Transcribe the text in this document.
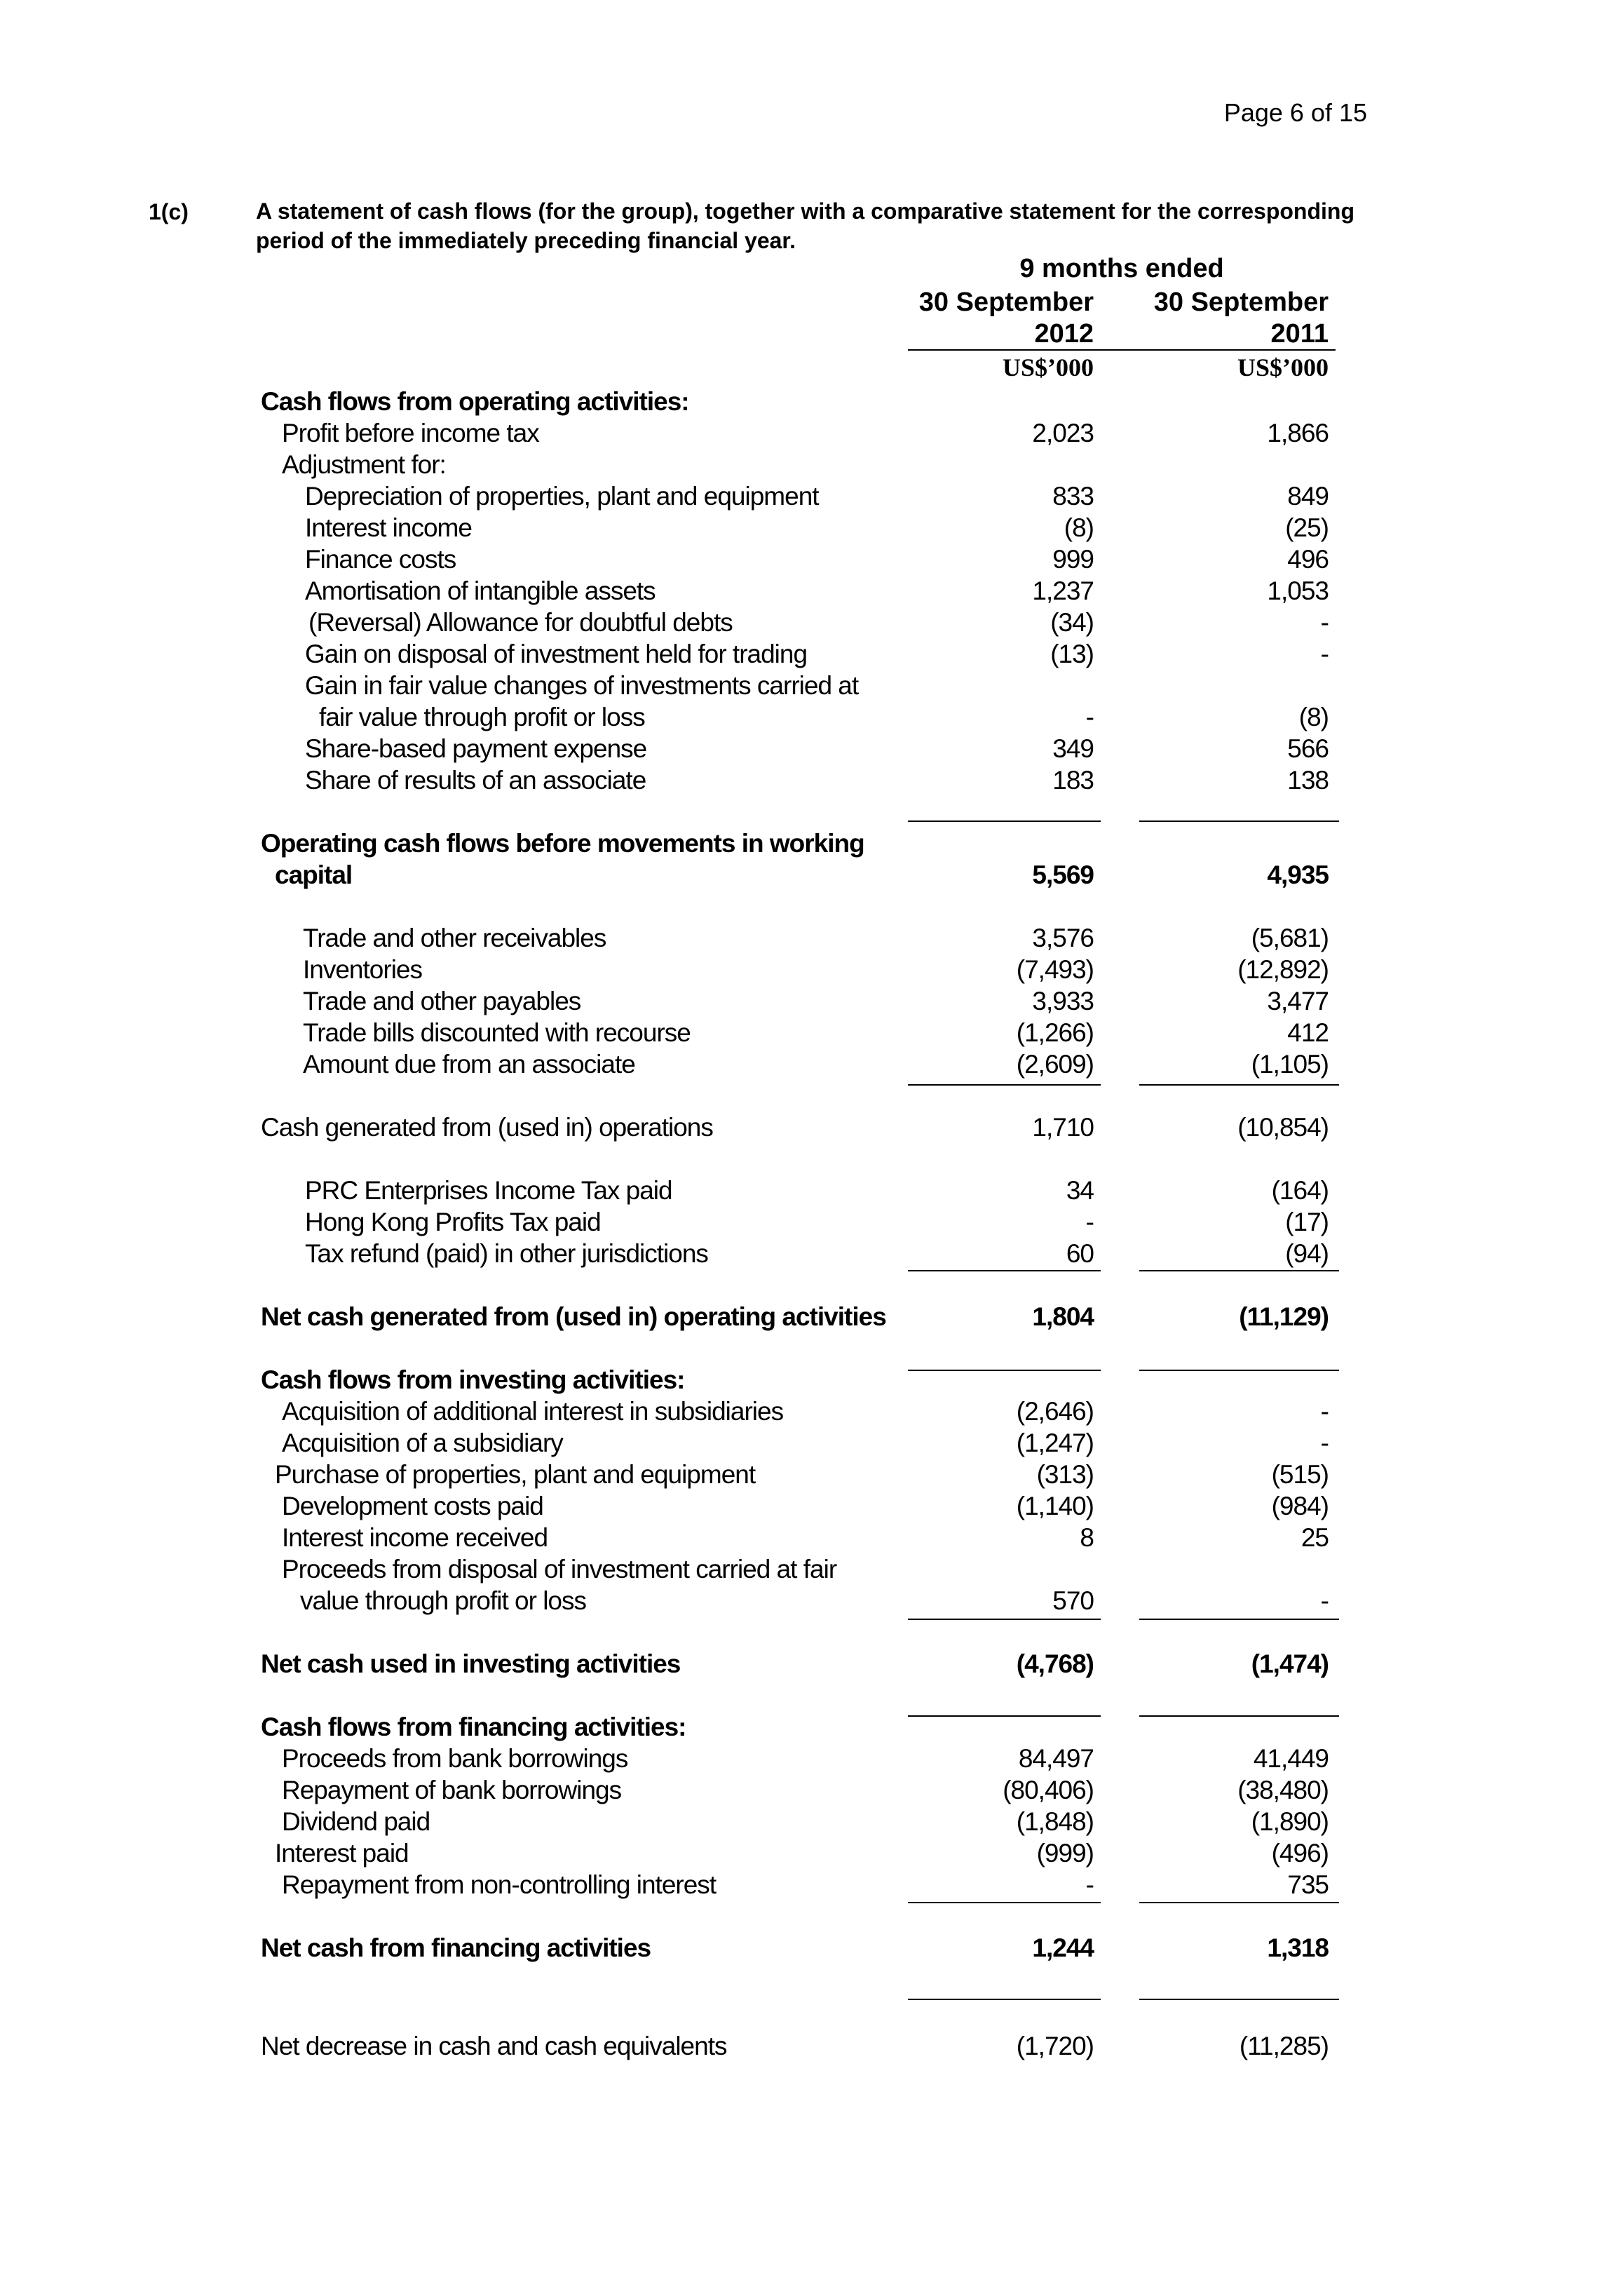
Page 6 of 15
1(c)	A statement of cash flows (for the group), together with a comparative statement for the corresponding period of the immediately preceding financial year.
9 months ended
30 September	30 September
2012	2011
US$’000	US$’000
Cash flows from operating activities:
Profit before income tax	2,023	1,866
Adjustment for:
Depreciation of properties, plant and equipment	833	849
Interest income	(8)	(25)
Finance costs	999	496
Amortisation of intangible assets	1,237	1,053
(Reversal) Allowance for doubtful debts	(34)	-
Gain on disposal of investment held for trading	(13)	-
Gain in fair value changes of investments carried at
fair value through profit or loss	-	(8)
Share-based payment expense	349	566
Share of results of an associate	183	138
Operating cash flows before movements in working
capital	5,569	4,935
Trade and other receivables	3,576	(5,681)
Inventories	(7,493)	(12,892)
Trade and other payables	3,933	3,477
Trade bills discounted with recourse	(1,266)	412
Amount due from an associate	(2,609)	(1,105)
Cash generated from (used in) operations	1,710	(10,854)
PRC Enterprises Income Tax paid	34	(164)
Hong Kong Profits Tax paid	-	(17)
Tax refund (paid) in other jurisdictions	60	(94)
Net cash generated from (used in) operating activities	1,804	(11,129)
Cash flows from investing activities:
Acquisition of additional interest in subsidiaries	(2,646)	-
Acquisition of a subsidiary	(1,247)	-
Purchase of properties, plant and equipment	(313)	(515)
Development costs paid	(1,140)	(984)
Interest income received	8	25
Proceeds from disposal of investment carried at fair
value through profit or loss	570	-
Net cash used in investing activities	(4,768)	(1,474)
Cash flows from financing activities:
Proceeds from bank borrowings	84,497	41,449
Repayment of bank borrowings	(80,406)	(38,480)
Dividend paid	(1,848)	(1,890)
Interest paid	(999)	(496)
Repayment from non-controlling interest	-	735
Net cash from financing activities	1,244	1,318
Net decrease in cash and cash equivalents	(1,720)	(11,285)
